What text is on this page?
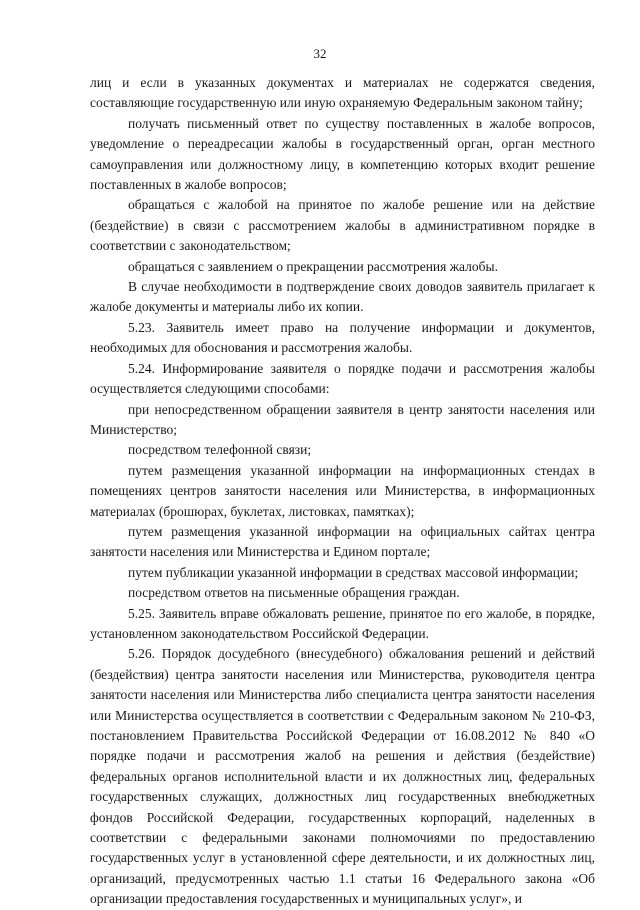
32

лиц и если в указанных документах и материалах не содержатся сведения, составляющие государственную или иную охраняемую Федеральным законом тайну;

получать письменный ответ по существу поставленных в жалобе вопросов, уведомление о переадресации жалобы в государственный орган, орган местного самоуправления или должностному лицу, в компетенцию которых входит решение поставленных в жалобе вопросов;

обращаться с жалобой на принятое по жалобе решение или на действие (бездействие) в связи с рассмотрением жалобы в административном порядке в соответствии с законодательством;

обращаться с заявлением о прекращении рассмотрения жалобы.

В случае необходимости в подтверждение своих доводов заявитель прилагает к жалобе документы и материалы либо их копии.

5.23. Заявитель имеет право на получение информации и документов, необходимых для обоснования и рассмотрения жалобы.

5.24. Информирование заявителя о порядке подачи и рассмотрения жалобы осуществляется следующими способами:

при непосредственном обращении заявителя в центр занятости населения или Министерство;

посредством телефонной связи;

путем размещения указанной информации на информационных стендах в помещениях центров занятости населения или Министерства, в информационных материалах (брошюрах, буклетах, листовках, памятках);

путем размещения указанной информации на официальных сайтах центра занятости населения или Министерства и Едином портале;

путем публикации указанной информации в средствах массовой информации;

посредством ответов на письменные обращения граждан.

5.25. Заявитель вправе обжаловать решение, принятое по его жалобе, в порядке, установленном законодательством Российской Федерации.

5.26. Порядок досудебного (внесудебного) обжалования решений и действий (бездействия) центра занятости населения или Министерства, руководителя центра занятости населения или Министерства либо специалиста центра занятости населения или Министерства осуществляется в соответствии с Федеральным законом № 210-ФЗ, постановлением Правительства Российской Федерации от 16.08.2012 № 840 «О порядке подачи и рассмотрения жалоб на решения и действия (бездействие) федеральных органов исполнительной власти и их должностных лиц, федеральных государственных служащих, должностных лиц государственных внебюджетных фондов Российской Федерации, государственных корпораций, наделенных в соответствии с федеральными законами полномочиями по предоставлению государственных услуг в установленной сфере деятельности, и их должностных лиц, организаций, предусмотренных частью 1.1 статьи 16 Федерального закона «Об организации предоставления государственных и муниципальных услуг», и
